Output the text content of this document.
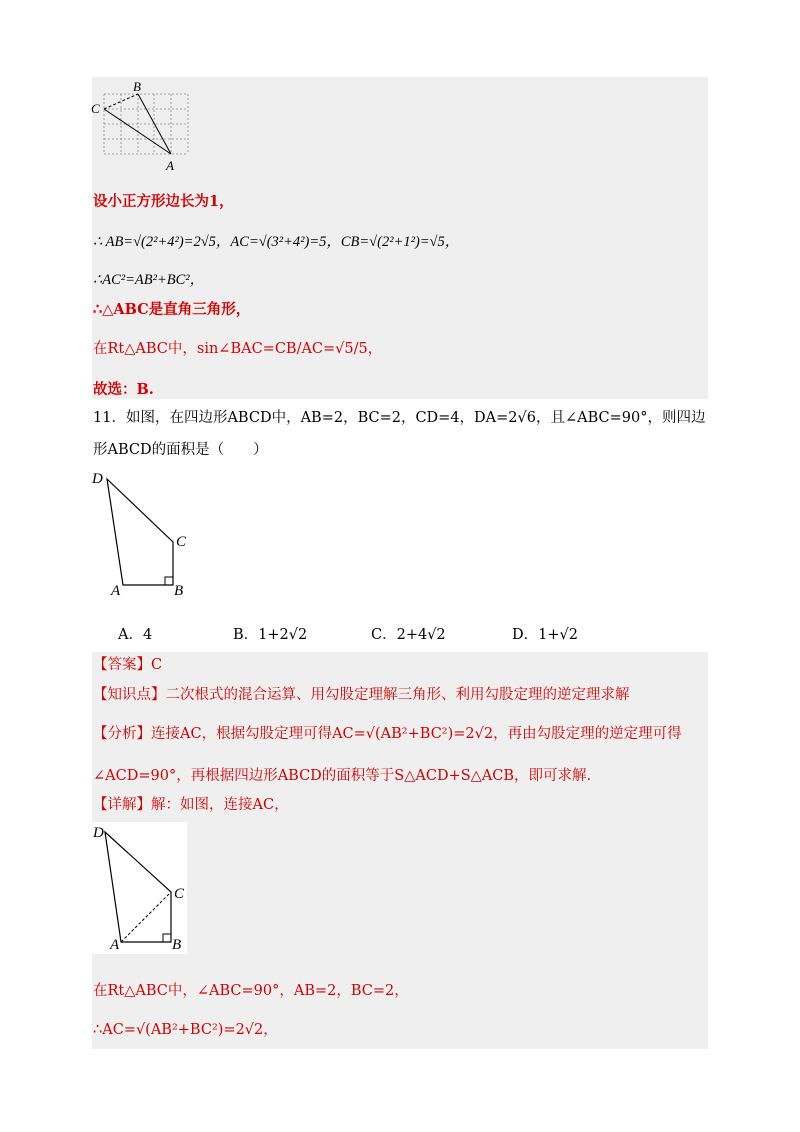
B
C
A
设小正方形边长为1，
∴ AB=√(2²+4²)=2√5，AC=√(3²+4²)=5，CB=√(2²+1²)=√5，
∴AC²=AB²+BC²，
∴△ABC是直角三角形，
在Rt△ABC中，sin∠BAC=CB/AC=√5/5，
故选：B.
11．如图，在四边形ABCD中，AB=2，BC=2，CD=4，DA=2√6，且∠ABC=90°，则四边
形ABCD的面积是（　　）
D
C
A	B
A．4	B．1+2√2	C．2+4√2	D．1+√2
【答案】C
【知识点】二次根式的混合运算、用勾股定理解三角形、利用勾股定理的逆定理求解
【分析】连接AC，根据勾股定理可得AC=√(AB²+BC²)=2√2，再由勾股定理的逆定理可得
∠ACD=90°，再根据四边形ABCD的面积等于S△ACD+S△ACB，即可求解.
【详解】解：如图，连接AC，
D
C
A	B
在Rt△ABC中，∠ABC=90°，AB=2，BC=2，
∴AC=√(AB²+BC²)=2√2，
